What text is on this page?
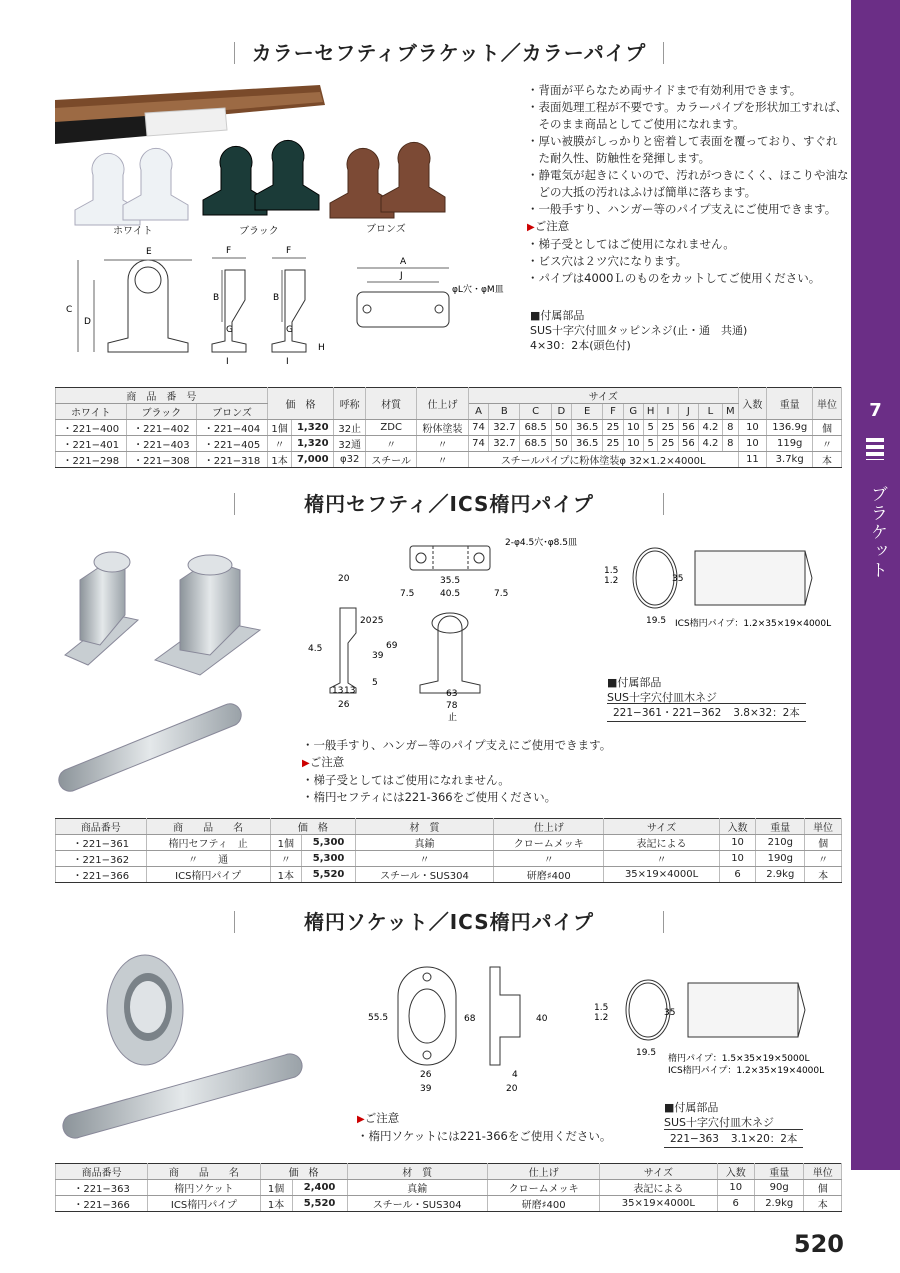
7
ブラケット
カラーセフティブラケット／カラーパイプ
ホワイト	ブラック	ブロンズ
・背面が平らなため両サイドまで有効利用できます。
・表面処理工程が不要です。カラーパイプを形状加工すれば、
　そのまま商品としてご使用になれます。
・厚い被膜がしっかりと密着して表面を覆っており、すぐれ
　た耐久性、防触性を発揮します。
・静電気が起きにくいので、汚れがつきにくく、ほこりや油な
　どの大抵の汚れはふけば簡単に落ちます。
・一般手すり、ハンガー等のパイプ支えにご使用できます。
▶ご注意
・梯子受としてはご使用になれません。
・ビス穴は２ツ穴になります。
・パイプは4000Ｌのものをカットしてご使用ください。
■付属部品
SUS十字穴付皿タッピンネジ(止・通　共通)
4×30：2本(頭色付)
E	F	F
C
D
B	B
G	G
I	I
H
A
J
φL穴・φM皿
商　品　番　号			価　格		呼称	材質	仕上げ	サイズ												入数	重量	単位
ホワイト	ブラック	ブロンズ						A	B	C	D	E	F	G	H	I	J	L	M			
・221−400	・221−402	・221−404	1個	1,320	32止	ZDC	粉体塗装	74	32.7	68.5	50	36.5	25	10	5	25	56	4.2	8	10	136.9g	個
・221−401	・221−403	・221−405	〃	1,320	32通	〃	〃	74	32.7	68.5	50	36.5	25	10	5	25	56	4.2	8	10	119g	〃
・221−298	・221−308	・221−318	1本	7,000	φ32	スチール	〃	スチールパイプに粉体塗装φ 32×1.2×4000L												11	3.7kg	本
楕円セフティ／ICS楕円パイプ
2-φ4.5穴･φ8.5皿
35.5
40.5
7.5	7.5
20
20 25
69
39
4.5
5
13 13
26
63
78
止
1.5
1.2	35
19.5 ICS楕円パイプ：1.2×35×19×4000L
■付属部品
SUS十字穴付皿木ネジ
221−361・221−362	3.8×32：2本
・一般手すり、ハンガー等のパイプ支えにご使用できます。
▶ご注意
・梯子受としてはご使用になれません。
・楕円セフティには221-366をご使用ください。
商品番号	商　　品　　名	価　格		材　質	仕上げ	サイズ	入数	重量	単位
・221−361	楕円セフティ　止	1個	5,300	真鍮	クロームメッキ	表記による	10	210g	個
・221−362	〃　　通	〃	5,300	〃	〃	〃	10	190g	〃
・221−366	ICS楕円パイプ	1本	5,520	スチール・SUS304	研磨♯400	35×19×4000L	6	2.9kg	本
楕円ソケット／ICS楕円パイプ
55.5	68	40
26
39
4
20
1.5
1.2	35
19.5
楕円パイプ：1.5×35×19×5000L
ICS楕円パイプ：1.2×35×19×4000L
▶ご注意
・楕円ソケットには221-366をご使用ください。
■付属部品
SUS十字穴付皿木ネジ
221−363	3.1×20：2本
商品番号	商　　品　　名	価　格		材　質	仕上げ	サイズ	入数	重量	単位
・221−363	楕円ソケット	1個	2,400	真鍮	クロームメッキ	表記による	10	90g	個
・221−366	ICS楕円パイプ	1本	5,520	スチール・SUS304	研磨♯400	35×19×4000L	6	2.9kg	本
520
